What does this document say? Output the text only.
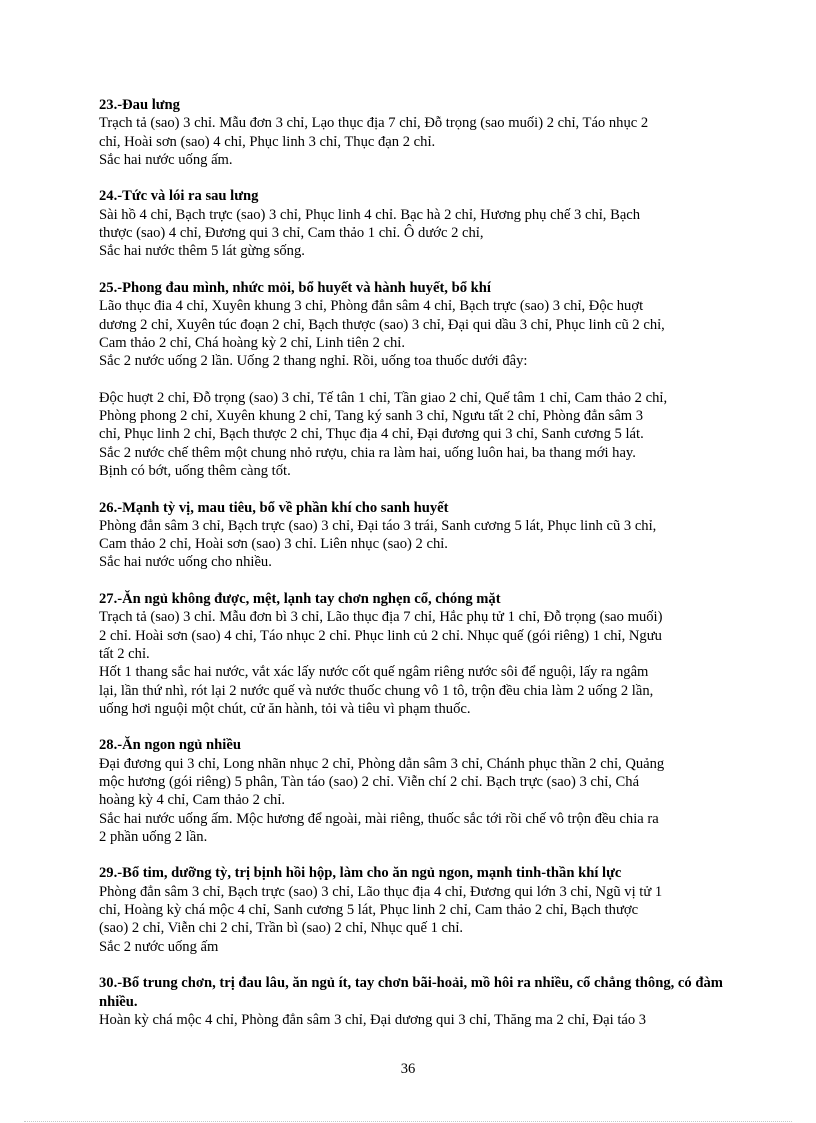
23.-Đau lưng
Trạch tả (sao) 3 chỉ. Mẫu đơn 3 chỉ, Lạo thục địa 7 chỉ, Đỗ trọng (sao muối) 2 chỉ, Táo nhục 2
chỉ, Hoài sơn (sao) 4 chỉ, Phục linh 3 chỉ, Thục đạn 2 chỉ.
Sắc hai nước uống ấm.
24.-Tức và lói ra sau lưng
Sài hồ 4 chỉ, Bạch trực (sao) 3 chỉ, Phục linh 4 chỉ. Bạc hà 2 chỉ, Hương phụ chế 3 chỉ, Bạch
thược (sao) 4 chỉ, Đương qui 3 chỉ, Cam thảo 1 chỉ. Ô dước 2 chỉ,
Sắc hai nước thêm 5 lát gừng sống.
25.-Phong đau mình, nhức mỏi, bổ huyết và hành huyết, bổ khí
Lão thục đia 4 chỉ, Xuyên khung 3 chỉ, Phòng đẳn sâm 4 chỉ, Bạch trực (sao) 3 chỉ, Độc huợt
dương 2 chỉ, Xuyên túc đoạn 2 chỉ, Bạch thược (sao) 3 chỉ, Đại qui dầu 3 chỉ, Phục linh cũ 2 chỉ,
Cam thảo 2 chỉ, Chá hoàng kỳ 2 chỉ, Linh tiên 2 chỉ.
Sắc 2 nước uống 2 lần. Uống 2 thang nghỉ. Rồi, uống toa thuốc dưới đây:
Độc huợt 2 chỉ, Đỗ trọng (sao) 3 chỉ, Tế tân 1 chỉ, Tần giao 2 chỉ, Quế tâm 1 chỉ, Cam thảo 2 chỉ,
Phòng phong 2 chỉ, Xuyên khung 2 chỉ, Tang ký sanh 3 chỉ, Ngưu tất 2 chỉ, Phòng đẳn sâm 3
chỉ, Phục linh 2 chỉ, Bạch thược 2 chỉ, Thục địa 4 chỉ, Đại đương qui 3 chỉ, Sanh cương 5 lát.
Sắc 2 nước chế thêm một chung nhỏ rượu, chia ra làm hai, uống luôn hai, ba thang mới hay.
Bịnh có bớt, uống thêm càng tốt.
26.-Mạnh tỳ vị, mau tiêu, bổ về phần khí cho sanh huyết
Phòng đẳn sâm 3 chỉ, Bạch trực (sao) 3 chỉ, Đại táo 3 trái, Sanh cương 5 lát, Phục linh cũ 3 chỉ,
Cam thảo 2 chỉ, Hoài sơn (sao) 3 chỉ. Liên nhục (sao) 2 chỉ.
Sắc hai nước uống cho nhiều.
27.-Ăn ngủ không được, mệt, lạnh tay chơn nghẹn cổ, chóng mặt
Trạch tả (sao) 3 chỉ. Mẫu đơn bì 3 chỉ, Lão thục địa 7 chỉ, Hắc phụ tử 1 chỉ, Đỗ trọng (sao muối)
2 chỉ. Hoài sơn (sao) 4 chỉ, Táo nhục 2 chỉ. Phục linh củ 2 chỉ. Nhục quế (gói riêng) 1 chỉ, Ngưu
tất 2 chỉ.
Hốt 1 thang sắc hai nước, vắt xác lấy nước cốt quế ngâm riêng nước sôi để nguội, lấy ra ngâm
lại, lần thứ nhì, rót lại 2 nước quế và nước thuốc chung vô 1 tô, trộn đều chia làm 2 uống 2 lần,
uống hơi nguội một chút, cử ăn hành, tỏi và tiêu vì phạm thuốc.
28.-Ăn ngon ngủ nhiều
Đại đương qui 3 chỉ, Long nhãn nhục 2 chỉ, Phòng dẳn sâm 3 chỉ, Chánh phục thần 2 chỉ, Quảng
mộc hương (gói riêng) 5 phân, Tàn táo (sao) 2 chỉ. Viễn chí 2 chỉ. Bạch trực (sao) 3 chỉ, Chá
hoàng kỳ 4 chỉ, Cam thảo 2 chỉ.
Sắc hai nước uống ấm. Mộc hương để ngoài, mài riêng, thuốc sắc tới rồi chế vô trộn đều chia ra
2 phần uống 2 lần.
29.-Bổ tim, dưỡng tỳ, trị bịnh hồi hộp, làm cho ăn ngủ ngon, mạnh tinh-thần khí lực
Phòng đẳn sâm 3 chỉ, Bạch trực (sao) 3 chỉ, Lão thục địa 4 chỉ, Đương qui lớn 3 chỉ, Ngũ vị tử 1
chỉ, Hoàng kỳ chá mộc 4 chỉ, Sanh cương 5 lát, Phục linh 2 chỉ, Cam thảo 2 chỉ, Bạch thược
(sao) 2 chỉ, Viễn chi 2 chỉ, Trần bì (sao) 2 chỉ, Nhục quế 1 chỉ.
Sắc 2 nước uống ấm
30.-Bổ trung chơn, trị đau lâu, ăn ngủ ít, tay chơn bãi-hoải, mồ hôi ra nhiều, cổ chẳng thông, có đàm nhiều.
Hoàn kỳ chá mộc 4 chỉ, Phòng đẳn sâm 3 chỉ, Đại dương qui 3 chỉ, Thăng ma 2 chỉ, Đại táo 3
36
